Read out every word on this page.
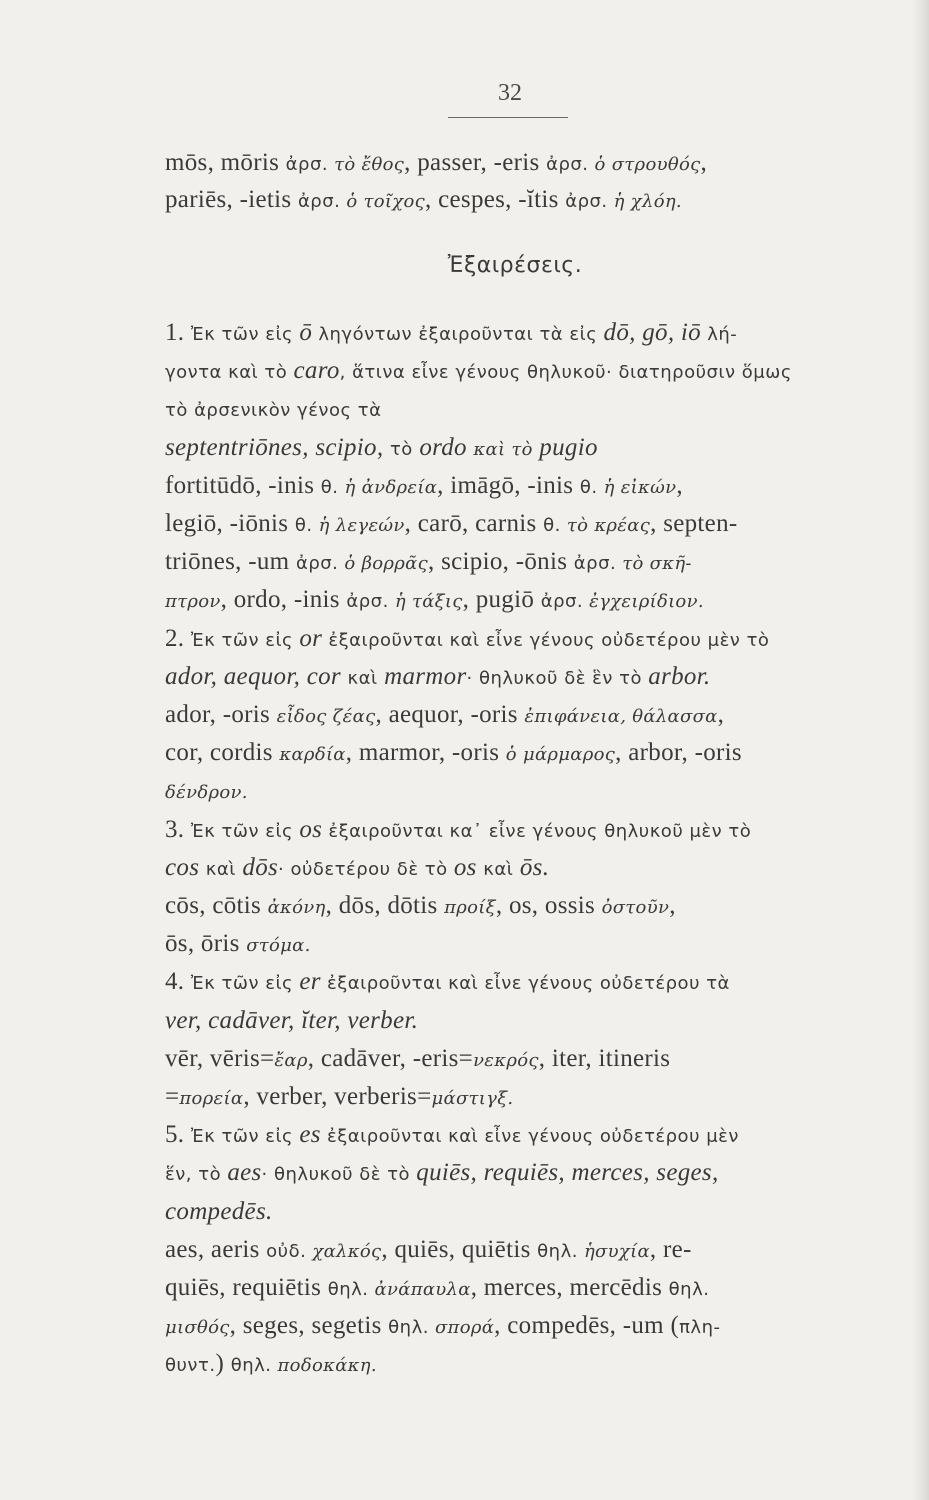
32
mōs, mōris ἀρσ. τὸ ἔθος, passer, -eris ἀρσ. ὁ στρουθός,
pariēs, -ietis ἀρσ. ὁ τοῖχος, cespes, -ĭtis ἀρσ. ἡ χλόη.
Ἐξαιρέσεις.
1. Ἐκ τῶν εἰς ō ληγόντων ἐξαιροῦνται τὰ εἰς dō, gō, iō λή-
γοντα καὶ τὸ caro, ἅτινα εἶνε γένους θηλυκοῦ· διατηροῦσιν ὅμως
τὸ ἀρσενικὸν γένος τὰ
septentriōnes, scipio, τὸ ordo καὶ τὸ pugio
fortitūdō, -inis θ. ἡ ἀνδρεία, imāgō, -inis θ. ἡ εἰκών,
legiō, -iōnis θ. ἡ λεγεών, carō, carnis θ. τὸ κρέας, septen-
triōnes, -um ἀρσ. ὁ βορρᾶς, scipio, -ōnis ἀρσ. τὸ σκῆ-
πτρον, ordo, -inis ἀρσ. ἡ τάξις, pugiō ἀρσ. ἐγχειρίδιον.
2. Ἐκ τῶν εἰς or ἐξαιροῦνται καὶ εἶνε γένους οὐδετέρου μὲν τὸ
ador, aequor, cor καὶ marmor· θηλυκοῦ δὲ ἓν τὸ arbor.
ador, -oris εἶδος ζέας, aequor, -oris ἐπιφάνεια, θάλασσα,
cor, cordis καρδία, marmor, -oris ὁ μάρμαρος, arbor, -oris
δένδρον.
3. Ἐκ τῶν εἰς os ἐξαιροῦνται κα᾿ εἶνε γένους θηλυκοῦ μὲν τὸ
cos καὶ dōs· οὐδετέρου δὲ τὸ os καὶ ōs.
cōs, cōtis ἀκόνη, dōs, dōtis προίξ, os, ossis ὀστοῦν,
ōs, ōris στόμα.
4. Ἐκ τῶν εἰς er ἐξαιροῦνται καὶ εἶνε γένους οὐδετέρου τὰ
ver, cadāver, ĭter, verber.
vēr, vēris=ἔαρ, cadāver, -eris=νεκρός, iter, itineris
=πορεία, verber, verberis=μάστιγξ.
5. Ἐκ τῶν εἰς es ἐξαιροῦνται καὶ εἶνε γένους οὐδετέρου μὲν
ἕν, τὸ aes· θηλυκοῦ δὲ τὸ quiēs, requiēs, merces, seges,
compedēs.
aes, aeris οὐδ. χαλκός, quiēs, quiētis θηλ. ἡσυχία, re-
quiēs, requiētis θηλ. ἀνάπαυλα, merces, mercēdis θηλ.
μισθός, seges, segetis θηλ. σπορά, compedēs, -um (πλη-
θυντ.) θηλ. ποδοκάκη.
